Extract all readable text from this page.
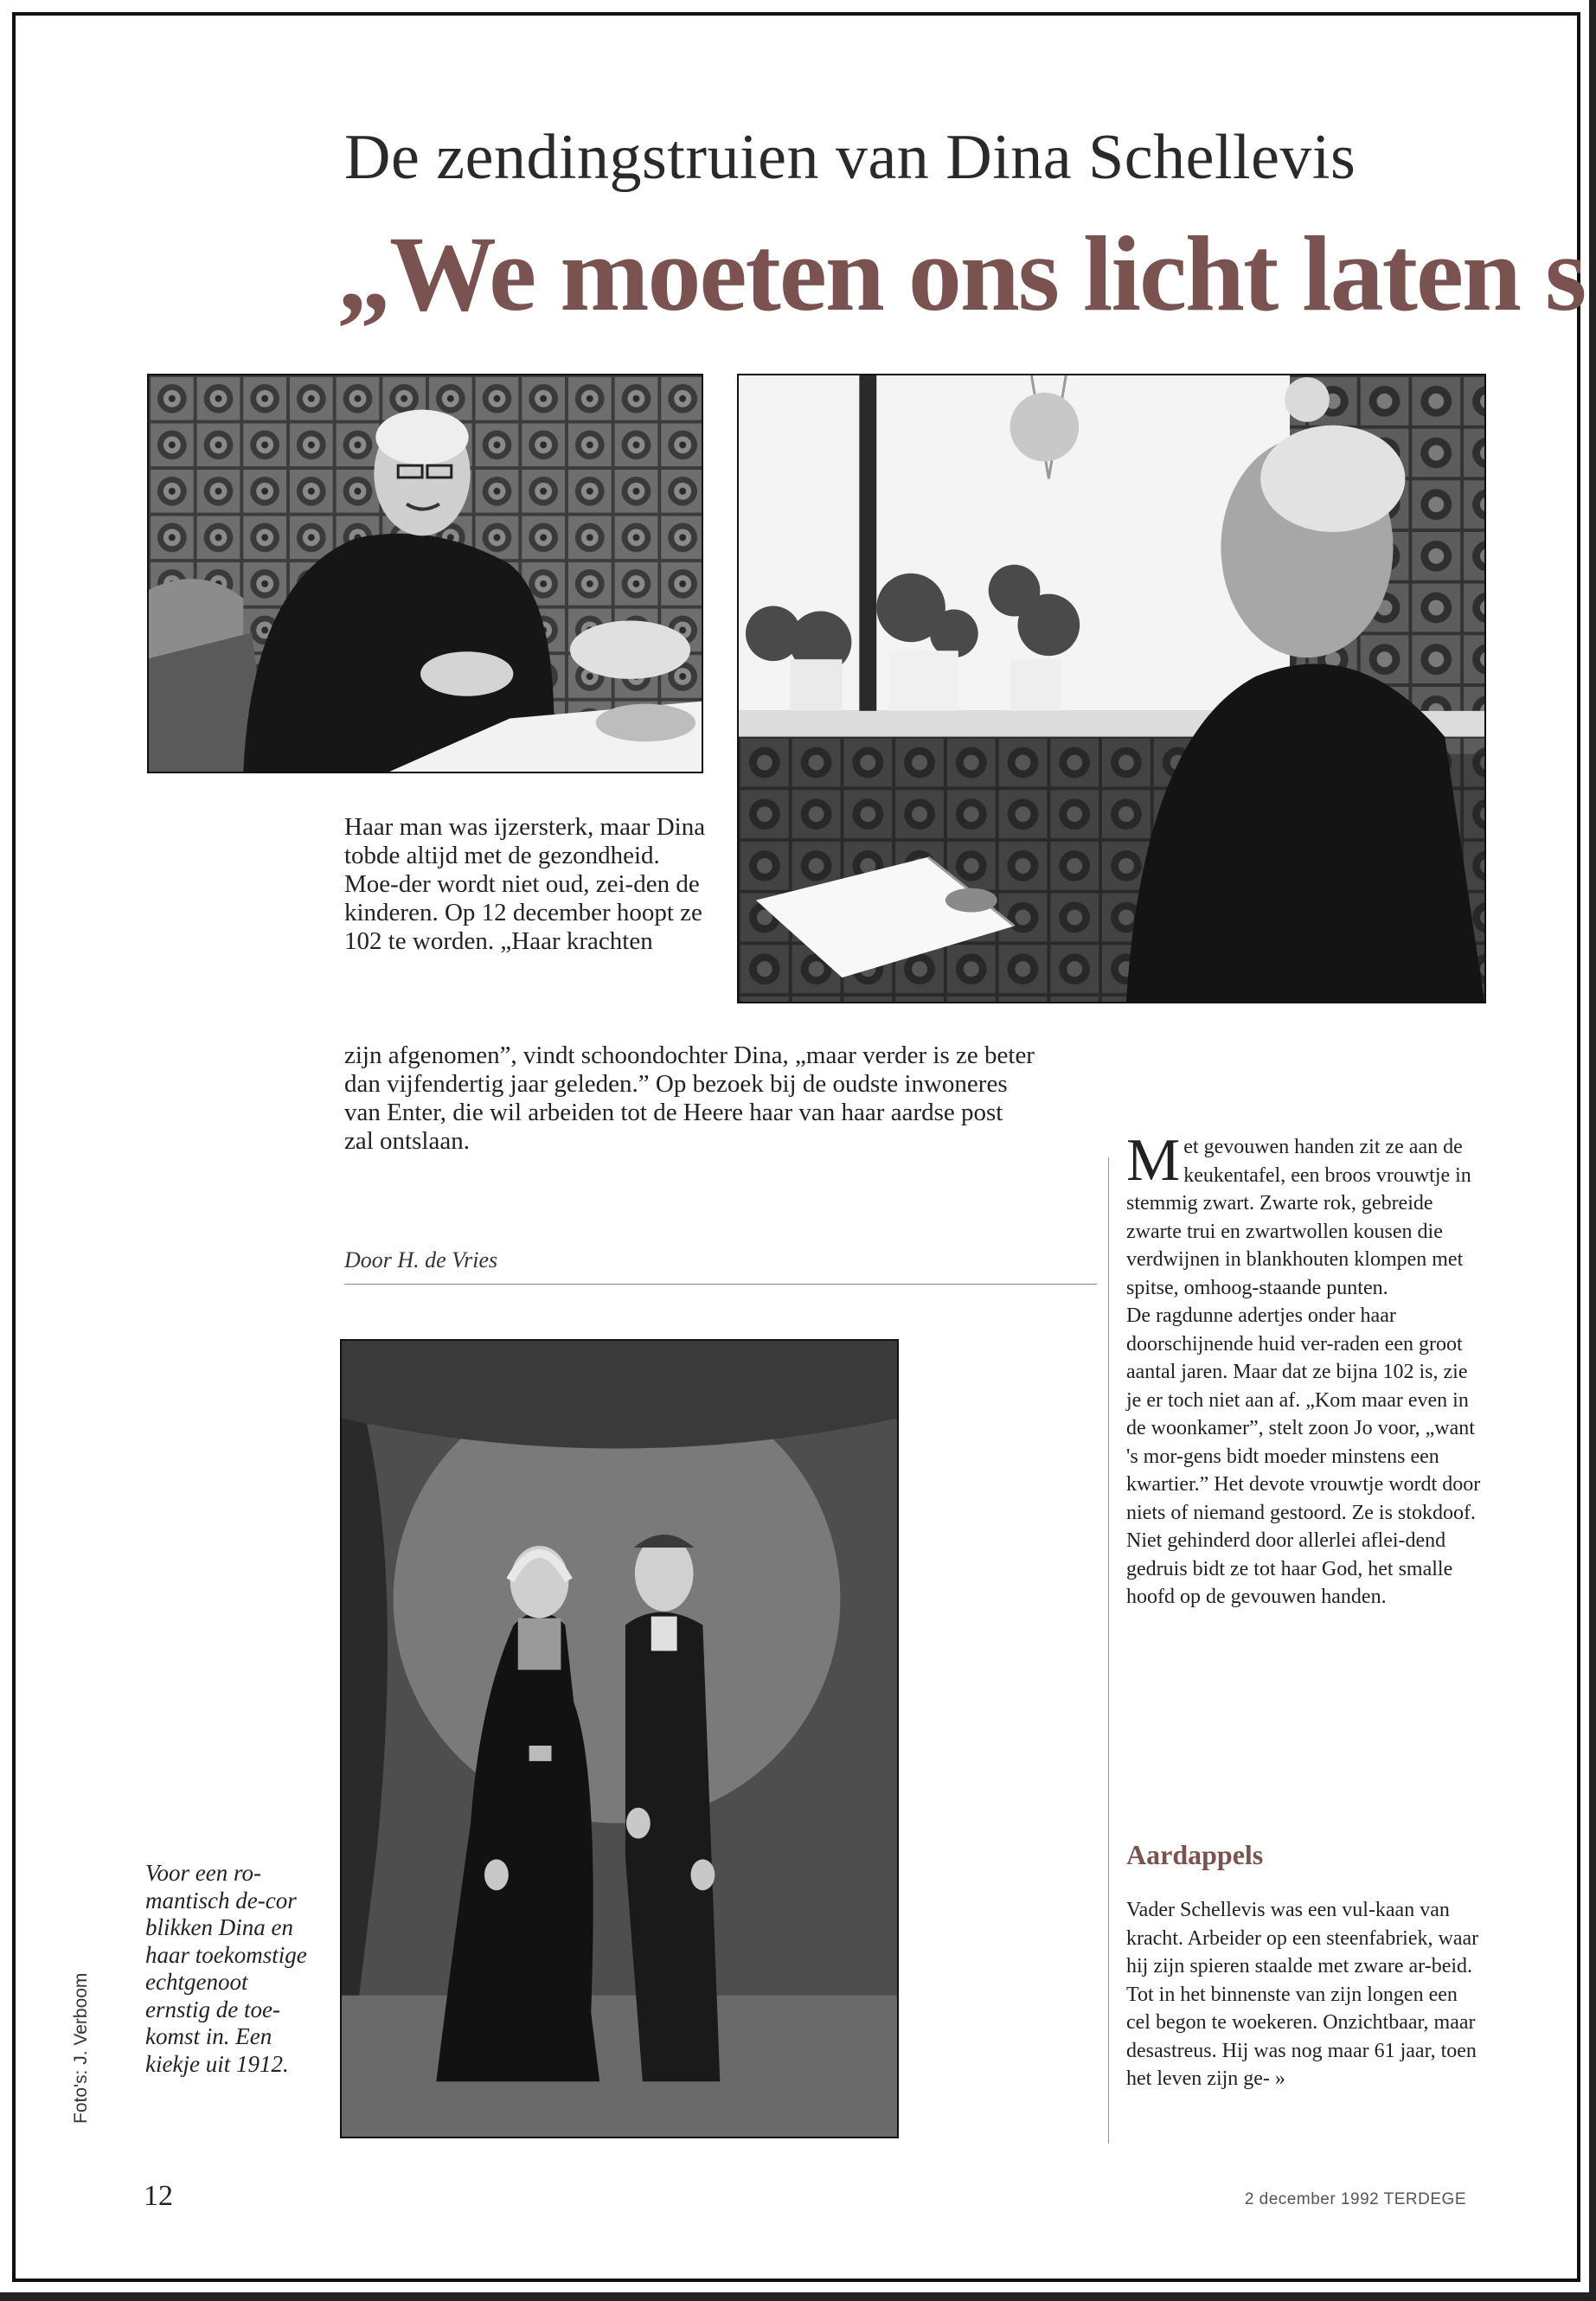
De zendingstruien van Dina Schellevis
„We moeten ons licht laten s
Haar man was ijzersterk, maar Dina tobde altijd met de gezondheid. Moe-der wordt niet oud, zei-den de kinderen. Op 12 december hoopt ze 102 te worden. „Haar krachten
zijn afgenomen”, vindt schoondochter Dina, „maar verder is ze beter dan vijfendertig jaar geleden.” Op bezoek bij de oudste inwoneres van Enter, die wil arbeiden tot de Heere haar van haar aardse post zal ontslaan.
Door H. de Vries

Met gevouwen handen zit ze aan de keukentafel, een broos vrouwtje in stemmig zwart. Zwarte rok, gebreide zwarte trui en zwartwollen kousen die verdwijnen in blankhouten klompen met spitse, omhoog-staande punten.

De ragdunne adertjes onder haar doorschijnende huid ver-raden een groot aantal jaren. Maar dat ze bijna 102 is, zie je er toch niet aan af. „Kom maar even in de woonkamer”, stelt zoon Jo voor, „want 's mor-gens bidt moeder minstens een kwartier.” Het devote vrouwtje wordt door niets of niemand gestoord. Ze is stokdoof. Niet gehinderd door allerlei aflei-dend gedruis bidt ze tot haar God, het smalle hoofd op de gevouwen handen.

Aardappels

Vader Schellevis was een vul-kaan van kracht. Arbeider op een steenfabriek, waar hij zijn spieren staalde met zware ar-beid. Tot in het binnenste van zijn longen een cel begon te woekeren. Onzichtbaar, maar desastreus. Hij was nog maar 61 jaar, toen het leven zijn ge- »

Voor een ro-mantisch de-cor blikken Dina en haar toekomstige echtgenoot ernstig de toe-komst in. Een kiekje uit 1912.
Foto's: J. Verboom
12	2 december 1992 TERDEGE
